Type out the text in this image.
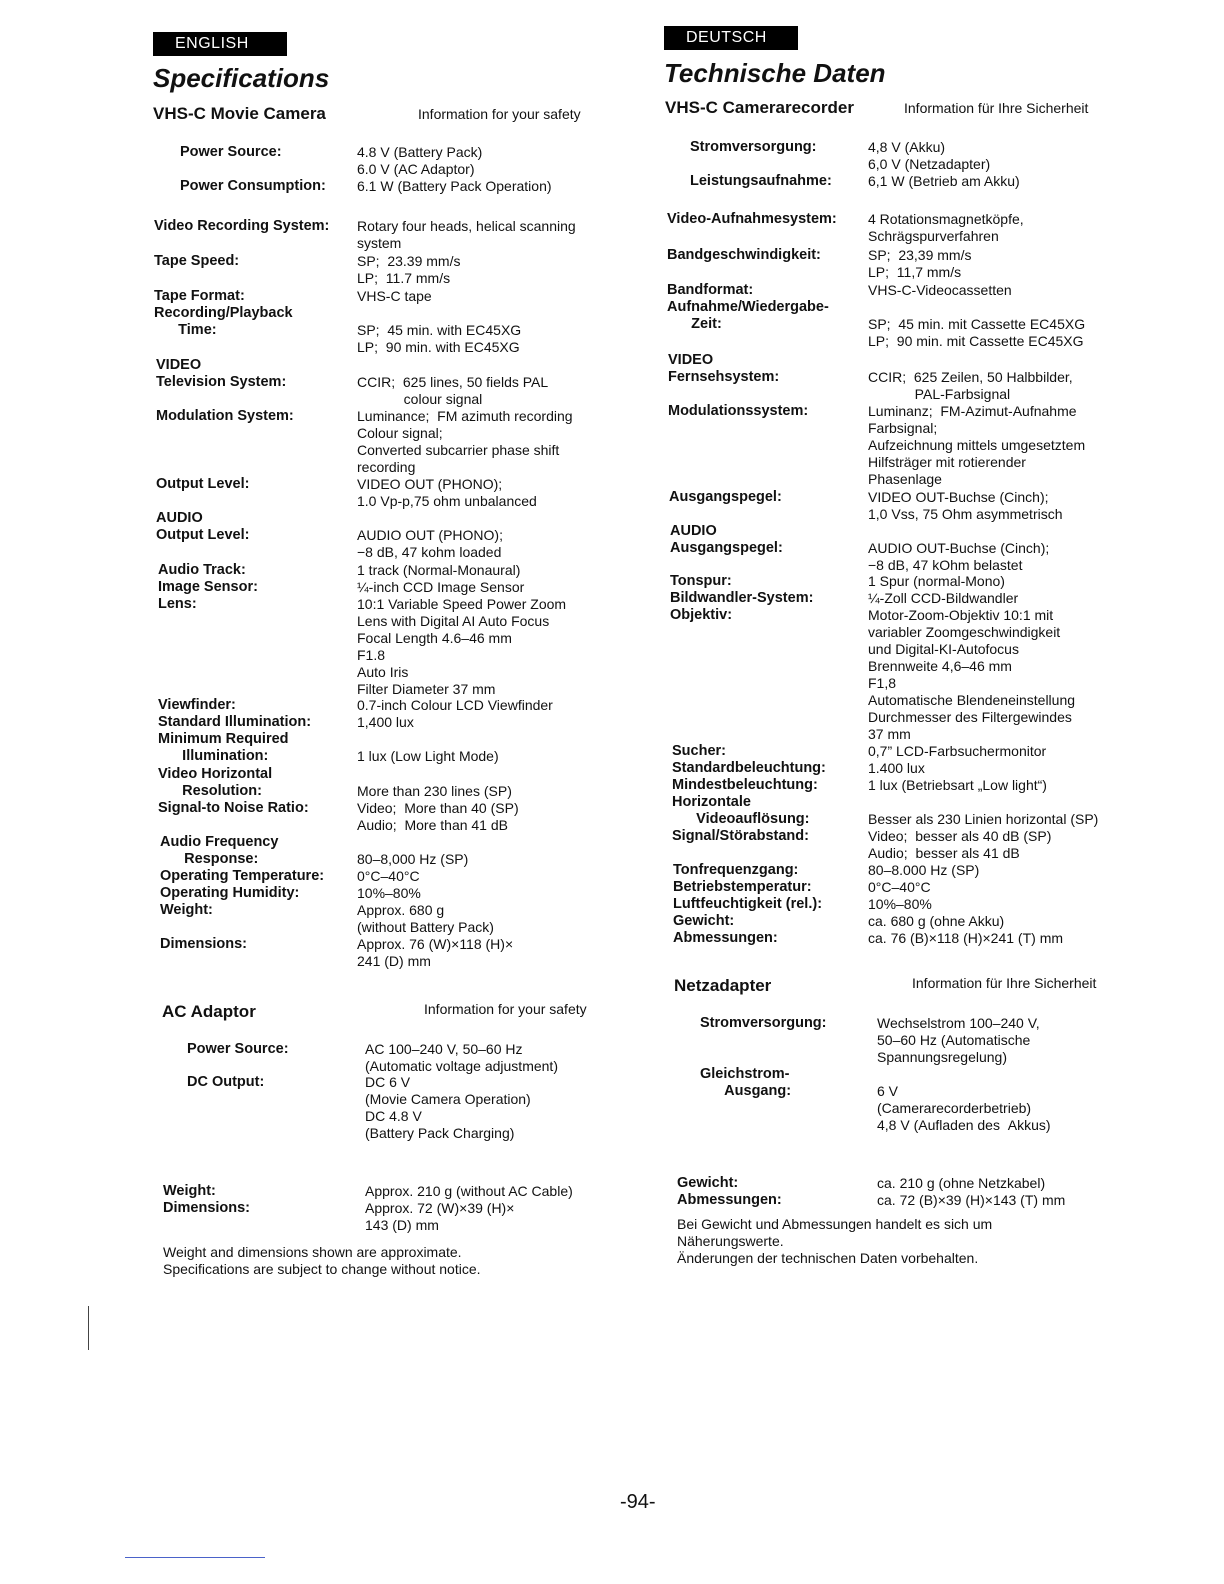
ENGLISH
Specifications
VHS-C Movie Camera	Information for your safety
Power Source:	4.8 V (Battery Pack)
6.0 V (AC Adaptor)
Power Consumption: 6.1 W (Battery Pack Operation)
Video Recording System: Rotary four heads, helical scanning
system
Tape Speed:	SP;  23.39 mm/s
LP;  11.7 mm/s
Tape Format:	VHS-C tape
Recording/Playback
Time:
	SP;  45 min. with EC45XG
LP;  90 min. with EC45XG
VIDEO
Television System:
	CCIR;  625 lines, 50 fields PAL
colour signal
Modulation System:	Luminance;  FM azimuth recording
Colour signal;
Converted subcarrier phase shift
recording
Output Level:	VIDEO OUT (PHONO);
1.0 Vp-p,75 ohm unbalanced
AUDIO
Output Level:
	AUDIO OUT (PHONO);
−8 dB, 47 kohm loaded
Audio Track:	1 track (Normal-Monaural)
Image Sensor:	¼-inch CCD Image Sensor
Lens:	10:1 Variable Speed Power Zoom
Lens with Digital AI Auto Focus
Focal Length 4.6–46 mm
F1.8
Auto Iris
Filter Diameter 37 mm
Viewfinder:	0.7-inch Colour LCD Viewfinder
Standard Illumination:	1,400 lux
Minimum Required
Illumination:
	1 lux (Low Light Mode)
Video Horizontal
Resolution:
	More than 230 lines (SP)
Signal-to Noise Ratio:	Video;  More than 40 (SP)
Audio;  More than 41 dB
Audio Frequency
Response:
	80–8,000 Hz (SP)
Operating Temperature: 0°C–40°C
Operating Humidity:	10%–80%
Weight:	Approx. 680 g
(without Battery Pack)
Dimensions:	Approx. 76 (W)×118 (H)×
241 (D) mm
AC Adaptor	Information for your safety
Power Source:	AC 100–240 V, 50–60 Hz
(Automatic voltage adjustment)
DC Output:	DC 6 V
(Movie Camera Operation)
DC 4.8 V
(Battery Pack Charging)
Weight:	Approx. 210 g (without AC Cable)
Dimensions:	Approx. 72 (W)×39 (H)×
143 (D) mm
Weight and dimensions shown are approximate.
Specifications are subject to change without notice.
DEUTSCH
Technische Daten
VHS-C Camerarecorder	Information für Ihre Sicherheit
Stromversorgung:	4,8 V (Akku)
6,0 V (Netzadapter)
Leistungsaufnahme:	6,1 W (Betrieb am Akku)
Video-Aufnahmesystem: 4 Rotationsmagnetköpfe,
Schrägspurverfahren
Bandgeschwindigkeit:	SP;  23,39 mm/s
LP;  11,7 mm/s
Bandformat:	VHS-C-Videocassetten
Aufnahme/Wiedergabe-
Zeit:
	SP;  45 min. mit Cassette EC45XG
LP;  90 min. mit Cassette EC45XG
VIDEO
Fernsehsystem:
	CCIR;  625 Zeilen, 50 Halbbilder,
PAL-Farbsignal
Modulationssystem:	Luminanz;  FM-Azimut-Aufnahme
Farbsignal;
Aufzeichnung mittels umgesetztem
Hilfsträger mit rotierender
Phasenlage
Ausgangspegel:	VIDEO OUT-Buchse (Cinch);
1,0 Vss, 75 Ohm asymmetrisch
AUDIO
Ausgangspegel:
	AUDIO OUT-Buchse (Cinch);
−8 dB, 47 kOhm belastet
Tonspur:	1 Spur (normal-Mono)
Bildwandler-System:	¼-Zoll CCD-Bildwandler
Objektiv:	Motor-Zoom-Objektiv 10:1 mit
variabler Zoomgeschwindigkeit
und Digital-KI-Autofocus
Brennweite 4,6–46 mm
F1,8
Automatische Blendeneinstellung
Durchmesser des Filtergewindes
37 mm
Sucher:	0,7” LCD-Farbsuchermonitor
Standardbeleuchtung:	1.400 lux
Mindestbeleuchtung:	1 lux (Betriebsart „Low light“)
Horizontale
Videoauflösung:
	Besser als 230 Linien horizontal (SP)
Signal/Störabstand:	Video;  besser als 40 dB (SP)
Audio;  besser als 41 dB
Tonfrequenzgang:	80–8.000 Hz (SP)
Betriebstemperatur:	0°C–40°C
Luftfeuchtigkeit (rel.):	10%–80%
Gewicht:	ca. 680 g (ohne Akku)
Abmessungen:	ca. 76 (B)×118 (H)×241 (T) mm
Netzadapter	Information für Ihre Sicherheit
Stromversorgung:	Wechselstrom 100–240 V,
50–60 Hz (Automatische
Spannungsregelung)
Gleichstrom-
Ausgang:
	6 V
(Camerarecorderbetrieb)
4,8 V (Aufladen des  Akkus)
Gewicht:	ca. 210 g (ohne Netzkabel)
Abmessungen:	ca. 72 (B)×39 (H)×143 (T) mm
Bei Gewicht und Abmessungen handelt es sich um
Näherungswerte.
Änderungen der technischen Daten vorbehalten.
-94-
